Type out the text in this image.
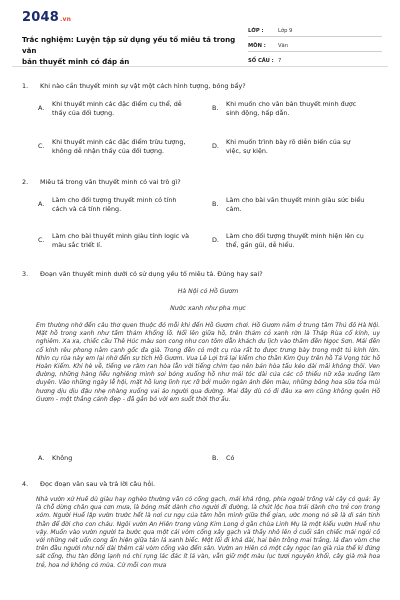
2048.vn
Trắc nghiệm: Luyện tập sử dụng yếu tố miêu tả trong văn
bản thuyết minh có đáp án
LỚP :	Lớp 9
MÔN :	Văn
SỐ CÂU : 7
1. Khi nào cần thuyết minh sự vật một cách hình tượng, bóng bẩy?
A. Khi thuyết minh các đặc điểm cụ thể, dễ
thấy của đối tượng.
B. Khi muốn cho văn bản thuyết minh được
sinh động, hấp dẫn.
C. Khi thuyết minh các đặc điểm trừu tượng,
không dễ nhận thấy của đối tượng.
D. Khi muốn trình bày rõ diễn biến của sự
việc, sự kiện.
2. Miêu tả trong văn thuyết minh có vai trò gì?
A. Làm cho đối tượng thuyết minh có tính
cách và cá tính riêng.
B. Làm cho bài văn thuyết minh giàu sức biểu
cảm.
C. Làm cho bài thuyết minh giàu tính logic và
màu sắc triết lí.
D. Làm cho đối tượng thuyết minh hiện lên cụ
thể, gần gũi, dễ hiểu.
3. Đoạn văn thuyết minh dưới có sử dụng yếu tố miêu tả. Đúng hay sai?
Hà Nội có Hồ Gươm
Nước xanh như pha mực
Em thường nhớ đến câu thơ quen thuộc đó mỗi khi đến Hồ Gươm chơi. Hồ Gươm nằm ở trung tâm Thủ đô Hà Nội. Mặt hồ trong xanh như tấm thảm khổng lồ. Nổi lên giữa hồ, trên thảm cỏ xanh rờn là Tháp Rùa cổ kính, uy nghiêm. Xa xa, chiếc cầu Thê Húc màu son cong như con tôm dẫn khách du lịch vào thăm đền Ngọc Sơn. Mái đền cổ kính rêu phong nằm cạnh gốc đa già. Trong đền có một cụ rùa rất to được trưng bày trong một tủ kính lớn. Nhìn cụ rùa này em lại nhớ đến sự tích Hồ Gươm. Vua Lê Lợi trả lại kiếm cho thần Kim Quy trên hồ Tả Vọng tức hồ Hoàn Kiếm. Khi hè về, tiếng ve râm ran hòa lẫn với tiếng chim tạo nên bản hòa tấu kéo dài mãi không thôi. Ven đường, những hàng liễu nghiêng mình soi bóng xuống hồ như mái tóc dài của các cô thiếu nữ xõa xuống làm duyên. Vào những ngày lễ hội, mặt hồ lung linh rực rỡ bởi muôn ngàn ánh đèn màu, những bông hoa sữa tỏa mùi hương dịu dịu đậu nhẹ nhàng xuống vai áo người qua đường. Mai đây dù có đi đâu xa em cũng không quên Hồ Gươm - một thắng cảnh đẹp - đã gắn bó với em suốt thời thơ ấu.
A. Không	B. Có
4. Đọc đoạn văn sau và trả lời câu hỏi.
Nhà vườn xứ Huế dù giàu hay nghèo thường vẫn có cổng gạch, mái khá rộng, phía ngoài trồng vài cây có quả: ấy là chỗ dừng chân qua cơn mưa, là bóng mát dành cho người đi đường, là chút lộc hoa trái dành cho trẻ con trong xóm. Người Huế lập vườn trước hết là nơi cư ngụ của tâm hồn mình giữa thế gian, ước mong nó sẽ là di sản tinh thần để đời cho con cháu. Ngôi vườn An Hiên trong vùng Kim Long ở gần chùa Linh Mụ là một kiểu vườn Huế như vậy. Muốn vào vườn người ta bước qua một cái vòm cổng xây gạch và thấy nhô lên ở cuối sân chiếc mái ngói cổ với những nét uốn cong ẩn hiện giữa tán lá xanh biếc. Một lối đi khá dài, hai bên trồng mai trắng, lá đan vòm che trên đầu người như nối dài thêm cái vòm cổng vào đến sân. Vườn an Hiên có một cây ngọc lan già rủa thế kỉ đứng sát cổng, thu tàn đông lạnh nó chỉ rụng lác đác ít lá vàn, vẫn giữ một màu lục tươi nguyên khối, cây già mà hoa trẻ, hoa nở không có mùa. Cứ mỗi con mưa
